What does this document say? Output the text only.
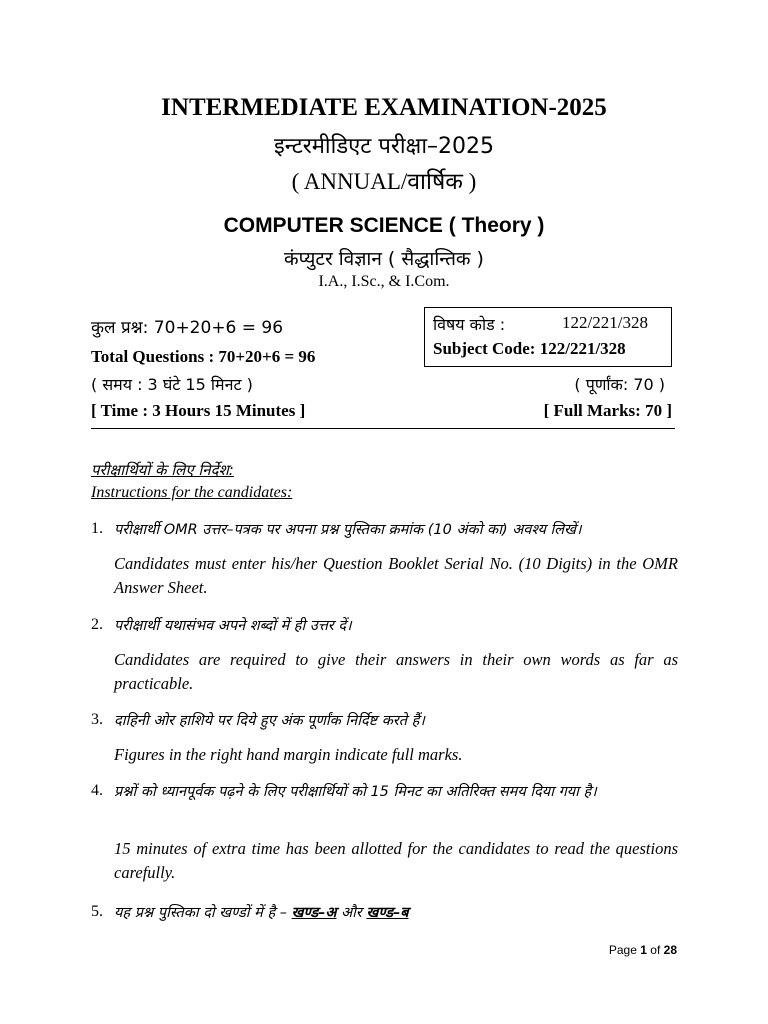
INTERMEDIATE EXAMINATION-2025
इन्टरमीडिएट परीक्षा–2025
( ANNUAL/वार्षिक )
COMPUTER SCIENCE ( Theory )
कंप्युटर विज्ञान ( सैद्धान्तिक )
I.A., I.Sc., & I.Com.
कुल प्रश्न: 70+20+6 = 96
Total Questions : 70+20+6 = 96
( समय : 3 घंटे 15 मिनट )
[ Time : 3 Hours 15 Minutes ]
विषय कोड :	122/221/328
Subject Code: 122/221/328
( पूर्णांक: 70 )
[ Full Marks: 70 ]
परीक्षार्थियों के लिए निर्देश:
Instructions for the candidates:
1. परीक्षार्थी OMR उत्तर–पत्रक पर अपना प्रश्न पुस्तिका क्रमांक (10 अंको का) अवश्य लिखें।
Candidates must enter his/her Question Booklet Serial No. (10 Digits) in the OMR Answer Sheet.
2. परीक्षार्थी यथासंभव अपने शब्दों में ही उत्तर दें।
Candidates are required to give their answers in their own words as far as practicable.
3. दाहिनी ओर हाशिये पर दिये हुए अंक पूर्णांक निर्दिष्ट करते हैं।
Figures in the right hand margin indicate full marks.
4. प्रश्नों को ध्यानपूर्वक पढ़ने के लिए परीक्षार्थियों को 15 मिनट का अतिरिक्त समय दिया गया है।
15 minutes of extra time has been allotted for the candidates to read the questions carefully.
5. यह प्रश्न पुस्तिका दो खण्डों में है – खण्ड–अ और खण्ड–ब
Page 1 of 28
